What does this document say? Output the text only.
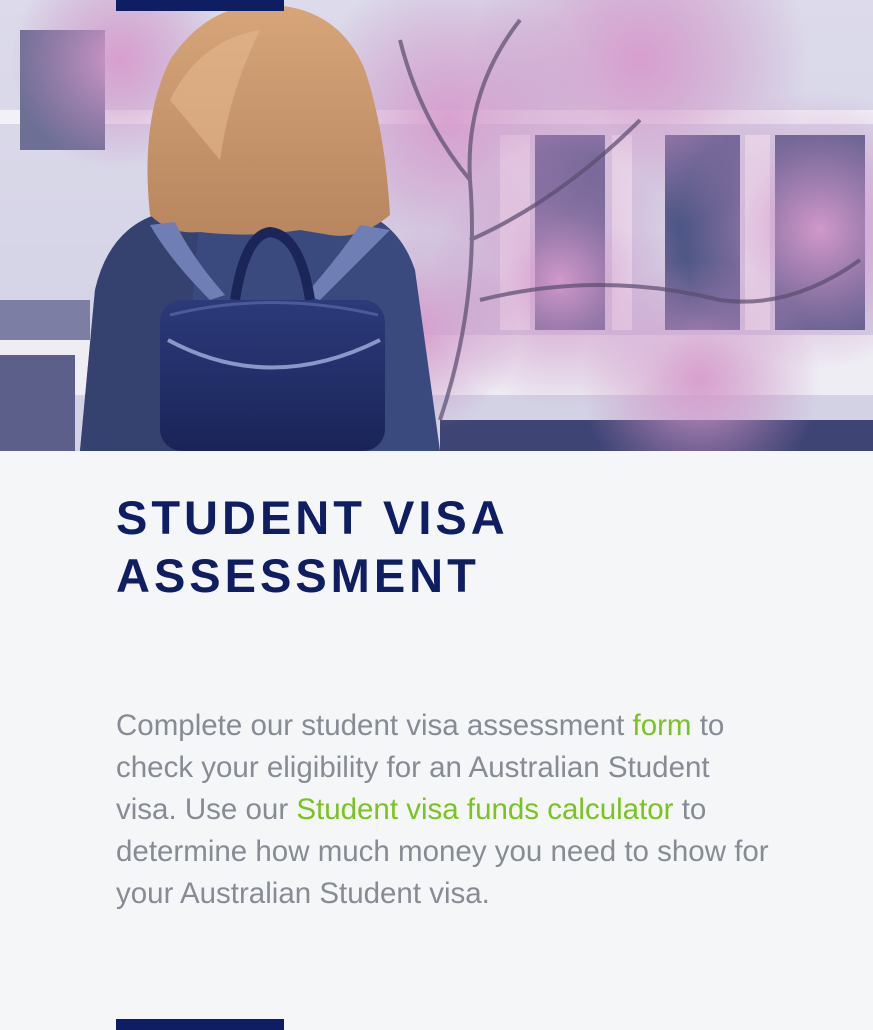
STUDENT VISA
ASSESSMENT

Complete our student visa assessment form to check your eligibility for an Australian Student visa. Use our Student visa funds calculator to determine how much money you need to show for your Australian Student visa.
